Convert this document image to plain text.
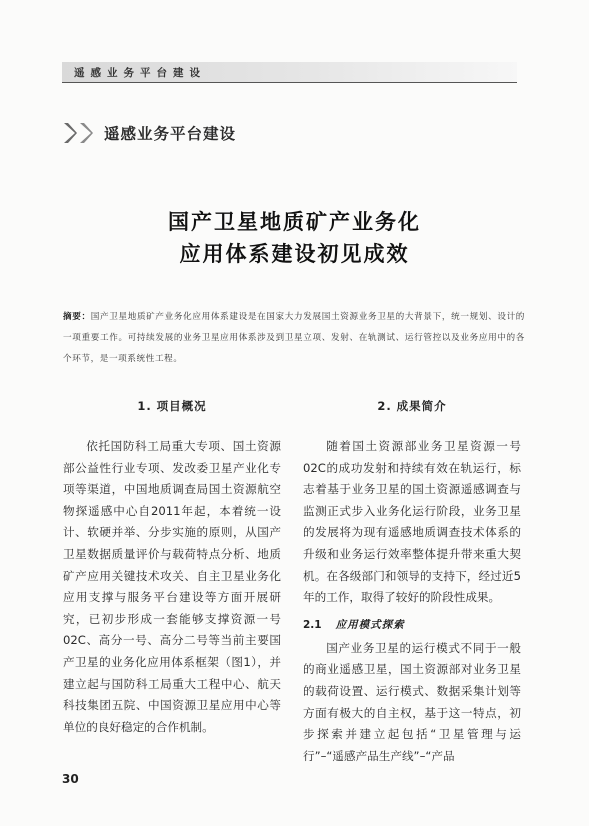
遥感业务平台建设
遥感业务平台建设
国产卫星地质矿产业务化
应用体系建设初见成效
摘要：国产卫星地质矿产业务化应用体系建设是在国家大力发展国土资源业务卫星的大背景下，统一规划、设计的一项重要工作。可持续发展的业务卫星应用体系涉及到卫星立项、发射、在轨测试、运行管控以及业务应用中的各个环节，是一项系统性工程。
1. 项目概况

依托国防科工局重大专项、国土资源部公益性行业专项、发改委卫星产业化专项等渠道，中国地质调查局国土资源航空物探遥感中心自2011年起，本着统一设计、软硬并举、分步实施的原则，从国产卫星数据质量评价与载荷特点分析、地质矿产应用关键技术攻关、自主卫星业务化应用支撑与服务平台建设等方面开展研究，已初步形成一套能够支撑资源一号02C、高分一号、高分二号等当前主要国产卫星的业务化应用体系框架（图1），并建立起与国防科工局重大工程中心、航天科技集团五院、中国资源卫星应用中心等单位的良好稳定的合作机制。

2. 成果简介

随着国土资源部业务卫星资源一号02C的成功发射和持续有效在轨运行，标志着基于业务卫星的国土资源遥感调查与监测正式步入业务化运行阶段，业务卫星的发展将为现有遥感地质调查技术体系的升级和业务运行效率整体提升带来重大契机。在各级部门和领导的支持下，经过近5年的工作，取得了较好的阶段性成果。

2.1 应用模式探索

国产业务卫星的运行模式不同于一般的商业遥感卫星，国土资源部对业务卫星的载荷设置、运行模式、数据采集计划等方面有极大的自主权，基于这一特点，初步探索并建立起包括“卫星管理与运行”–“遥感产品生产线”–“产品

30
